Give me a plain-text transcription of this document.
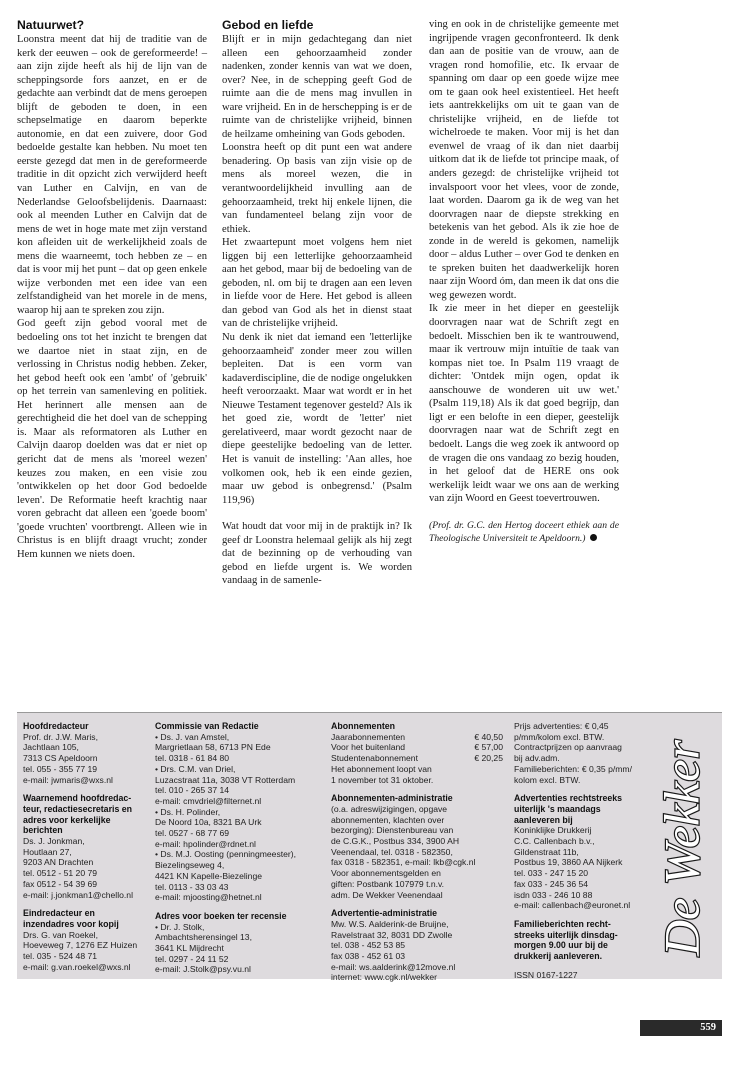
Natuurwet?

Loonstra meent dat hij de traditie van de kerk der eeuwen – ook de gereformeerde! – aan zijn zijde heeft als hij de lijn van de scheppingsorde fors aanzet, en er de gedachte aan verbindt dat de mens geroepen blijft de geboden te doen, in een schepselmatige en daarom beperkte autonomie, en dat een zuivere, door God bedoelde gestalte kan hebben. Nu moet ten eerste gezegd dat men in de gereformeerde traditie in dit opzicht zich verwijderd heeft van Luther en Calvijn, en van de Nederlandse Geloofsbelijdenis. Daarnaast: ook al meenden Luther en Calvijn dat de mens de wet in hoge mate met zijn verstand kon afleiden uit de werkelijkheid zoals de mens die waarneemt, toch hebben ze – en dat is voor mij het punt – dat op geen enkele wijze verbonden met een idee van een zelfstandigheid van het morele in de mens, waarop hij aan te spreken zou zijn.

God geeft zijn gebod vooral met de bedoeling ons tot het inzicht te brengen dat we daartoe niet in staat zijn, en de verlossing in Christus nodig hebben. Zeker, het gebod heeft ook een 'ambt' of 'gebruik' op het terrein van samenleving en politiek. Het herinnert alle mensen aan de gerechtigheid die het doel van de schepping is. Maar als reformatoren als Luther en Calvijn daarop doelden was dat er niet op gericht dat de mens als 'moreel wezen' keuzes zou maken, en een visie zou 'ontwikkelen op het door God bedoelde leven'. De Reformatie heeft krachtig naar voren gebracht dat alleen een 'goede boom' 'goede vruchten' voortbrengt. Alleen wie in Christus is en blijft draagt vrucht; zonder Hem kunnen we niets doen.

Gebod en liefde

Blijft er in mijn gedachtegang dan niet alleen een gehoorzaamheid zonder nadenken, zonder kennis van wat we doen, over? Nee, in de schepping geeft God de ruimte aan die de mens mag invullen in ware vrijheid. En in de herschepping is er de ruimte van de christelijke vrijheid, binnen de heilzame omheining van Gods geboden.

Loonstra heeft op dit punt een wat andere benadering. Op basis van zijn visie op de mens als moreel wezen, die in verantwoordelijkheid invulling aan de gehoorzaamheid, trekt hij enkele lijnen, die van fundamenteel belang zijn voor de ethiek.

Het zwaartepunt moet volgens hem niet liggen bij een letterlijke gehoorzaamheid aan het gebod, maar bij de bedoeling van de geboden, nl. om bij te dragen aan een leven in liefde voor de Here. Het gebod is alleen dan gebod van God als het in dienst staat van de christelijke vrijheid.

Nu denk ik niet dat iemand een 'letterlijke gehoorzaamheid' zonder meer zou willen bepleiten. Dat is een vorm van kadaverdiscipline, die de nodige ongelukken heeft veroorzaakt. Maar wat wordt er in het Nieuwe Testament tegenover gesteld? Als ik het goed zie, wordt de 'letter' niet gerelativeerd, maar wordt gezocht naar de diepe geestelijke bedoeling van de letter. Het is vanuit de instelling: 'Aan alles, hoe volkomen ook, heb ik een einde gezien, maar uw gebod is onbegrensd.' (Psalm 119,96)

Wat houdt dat voor mij in de praktijk in? Ik geef dr Loonstra helemaal gelijk als hij zegt dat de bezinning op de verhouding van gebod en liefde urgent is. We worden vandaag in de samenle-

ving en ook in de christelijke gemeente met ingrijpende vragen geconfronteerd. Ik denk dan aan de positie van de vrouw, aan de vragen rond homofilie, etc. Ik ervaar de spanning om daar op een goede wijze mee om te gaan ook heel existentieel. Het heeft iets aantrekkelijks om uit te gaan van de christelijke vrijheid, en de liefde tot wichelroede te maken. Voor mij is het dan evenwel de vraag of ik dan niet daarbij uitkom dat ik de liefde tot principe maak, of anders gezegd: de christelijke vrijheid tot invalspoort voor het vlees, voor de zonde, laat worden. Daarom ga ik de weg van het doorvragen naar de diepste strekking en betekenis van het gebod. Als ik zie hoe de zonde in de wereld is gekomen, namelijk door – aldus Luther – over God te denken en te spreken buiten het daadwerkelijk horen naar zijn Woord óm, dan meen ik dat ons die weg gewezen wordt.

Ik zie meer in het dieper en geestelijk doorvragen naar wat de Schrift zegt en bedoelt. Misschien ben ik te wantrouwend, maar ik vertrouw mijn intuïtie de taak van kompas niet toe. In Psalm 119 vraagt de dichter: 'Ontdek mijn ogen, opdat ik aanschouwe de wonderen uit uw wet.' (Psalm 119,18) Als ik dat goed begrijp, dan ligt er een belofte in een dieper, geestelijk doorvragen naar wat de Schrift zegt en bedoelt. Langs die weg zoek ik antwoord op de vragen die ons vandaag zo bezig houden, in het geloof dat de HERE ons ook werkelijk leidt waar we ons aan de werking van zijn Woord en Geest toevertrouwen.

(Prof. dr. G.C. den Hertog doceert ethiek aan de Theologische Universiteit te Apeldoorn.)

Hoofdredacteur
Prof. dr. J.W. Maris,
Jachtlaan 105,
7313 CS Apeldoorn
tel. 055 - 355 77 19
e-mail: jwmaris@wxs.nl
Waarnemend hoofdredac-
teur, redactiesecretaris en
adres voor kerkelijke
berichten
Ds. J. Jonkman,
Houtlaan 27,
9203 AN Drachten
tel. 0512 - 51 20 79
fax 0512 - 54 39 69
e-mail: j.jonkman1@chello.nl
Eindredacteur en
inzendadres voor kopij
Drs. G. van Roekel,
Hoeveweg 7, 1276 EZ Huizen
tel. 035 - 524 48 71
e-mail: g.van.roekel@wxs.nl
Commissie van Redactie
• Ds. J. van Amstel,
Margrietlaan 58, 6713 PN Ede
tel. 0318 - 61 84 80
• Drs. C.M. van Driel,
Luzacstraat 11a, 3038 VT Rotterdam
tel. 010 - 265 37 14
e-mail: cmvdriel@filternet.nl
• Ds. H. Polinder,
De Noord 10a, 8321 BA Urk
tel. 0527 - 68 77 69
e-mail: hpolinder@rdnet.nl
• Ds. M.J. Oosting (penningmeester),
Biezelingseweg 4,
4421 KN Kapelle-Biezelinge
tel. 0113 - 33 03 43
e-mail: mjoosting@hetnet.nl
Adres voor boeken ter recensie
• Dr. J. Stolk,
Ambachtsherensingel 13,
3641 KL Mijdrecht
tel. 0297 - 24 11 52
e-mail: J.Stolk@psy.vu.nl
Abonnementen
Jaarabonnementen	€ 40,50
Voor het buitenland	€ 57,00
Studentenabonnement	€ 20,25
Het abonnement loopt van
1 november tot 31 oktober.
Abonnementen-administratie
(o.a. adreswijzigingen, opgave
abonnementen, klachten over
bezorging): Dienstenbureau van
de C.G.K., Postbus 334, 3900 AH
Veenendaal, tel. 0318 - 582350,
fax 0318 - 582351, e-mail: lkb@cgk.nl
Voor abonnementsgelden en
giften: Postbank 107979 t.n.v.
adm. De Wekker Veenendaal
Advertentie-administratie
Mw. W.S. Aalderink-de Bruijne,
Ravelstraat 32, 8031 DD Zwolle
tel. 038 - 452 53 85
fax 038 - 452 61 03
e-mail: ws.aalderink@12move.nl
internet: www.cgk.nl/wekker
Prijs advertenties: € 0,45
p/mm/kolom excl. BTW.
Contractprijzen op aanvraag
bij adv.adm.
Familieberichten: € 0,35 p/mm/
kolom excl. BTW.
Advertenties rechtstreeks
uiterlijk 's maandags
aanleveren bij
Koninklijke Drukkerij
C.C. Callenbach b.v.,
Gildenstraat 11b,
Postbus 19, 3860 AA Nijkerk
tel. 033 - 247 15 20
fax 033 - 245 36 54
isdn 033 - 246 10 88
e-mail: callenbach@euronet.nl
Familieberichten recht-
streeks uiterlijk dinsdag-
morgen 9.00 uur bij de
drukkerij aanleveren.
ISSN 0167-1227
De Wekker
559
